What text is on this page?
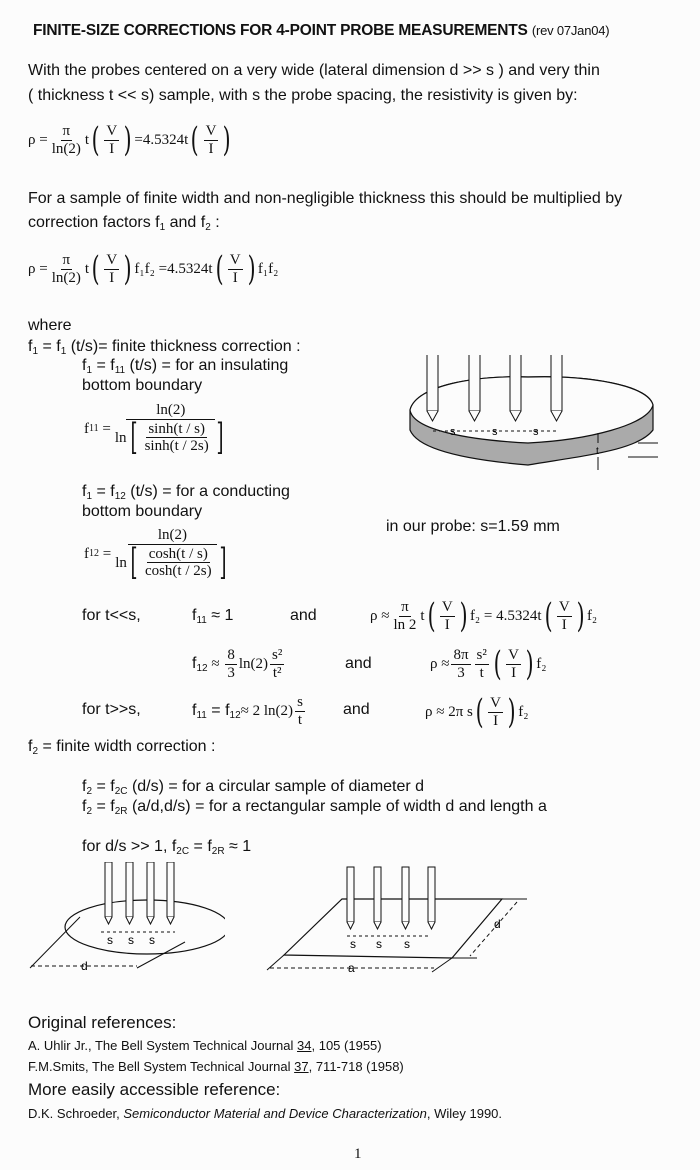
FINITE-SIZE CORRECTIONS FOR 4-POINT PROBE MEASUREMENTS (rev 07Jan04)
With the probes centered on a very wide (lateral dimension d >> s ) and very thin
( thickness t << s) sample, with s the probe spacing, the resistivity is given by:
$\rho = \frac{\pi}{\ln(2)}$ t ( $\frac{V}{I}$ ) =4.5324t ( $\frac{V}{I}$ )
For a sample of finite width and non-negligible thickness this should be multiplied by
correction factors $f_1$ and $f_2$ :
$\rho = \frac{\pi}{\ln(2)}$ t ( $\frac{V}{I}$ ) f₁f₂
=4.5324t ( $\frac{V}{I}$ ) f₁f₂
where
$f_1 = f_1$ (t/s)= finite thickness correction :
$f_1 = f_{11}$ (t/s) = for an insulating
bottom boundary
f 11
= $\frac{\ln(2)}{\ln [ \frac{\sinh(t / s)}{\sinh(t / 2s)} ]}$
$f_1 = f_{12}$ (t/s) = for a conducting
bottom boundary
f 12
= $\frac{\ln(2)}{\ln [ \frac{\cosh(t / s)}{\cosh(t / 2s)} ]}$
s	s	s
t
in our probe: s=1.59 mm
for t<<s,	$f_{11} \approx 1$	and	$\rho \approx \frac{\pi}{\ln 2}$ t ( $\frac{V}{I}$ ) f₂
= 4.5324t ( $\frac{V}{I}$ ) f₂
$f_{12}$
≈
$\frac{8}{3} \ln(2) \frac{\text{s²}}{\text{t²}}$	and	$\rho \approx \frac{8\pi}{3} \frac{\text{s²}}{t}$ ( $\frac{V}{I}$ ) f₂
for t>>s,	$f_{11} = f_{12}$ ≈
2 $\ln(2) \frac{s}{t}$ and	ρ ≈ 2π s ( $\frac{V}{I}$ ) f₂
$f_2$ = finite width correction :
$f_2 = f_{2C}$ (d/s) = for a circular sample of diameter d
$f_2 = f_{2R}$ (a/d,d/s) = for a rectangular sample of width d and length a
for d/s >> 1, $f_{2C} = f_{2R} \approx 1$
s s s
d
s s s
a
d
Original references:
A. Uhlir Jr., The Bell System Technical Journal 34, 105 (1955)
F.M.Smits, The Bell System Technical Journal 37, 711-718 (1958)
More easily accessible reference:
D.K. Schroeder, Semiconductor Material and Device Characterization, Wiley 1990.
1
